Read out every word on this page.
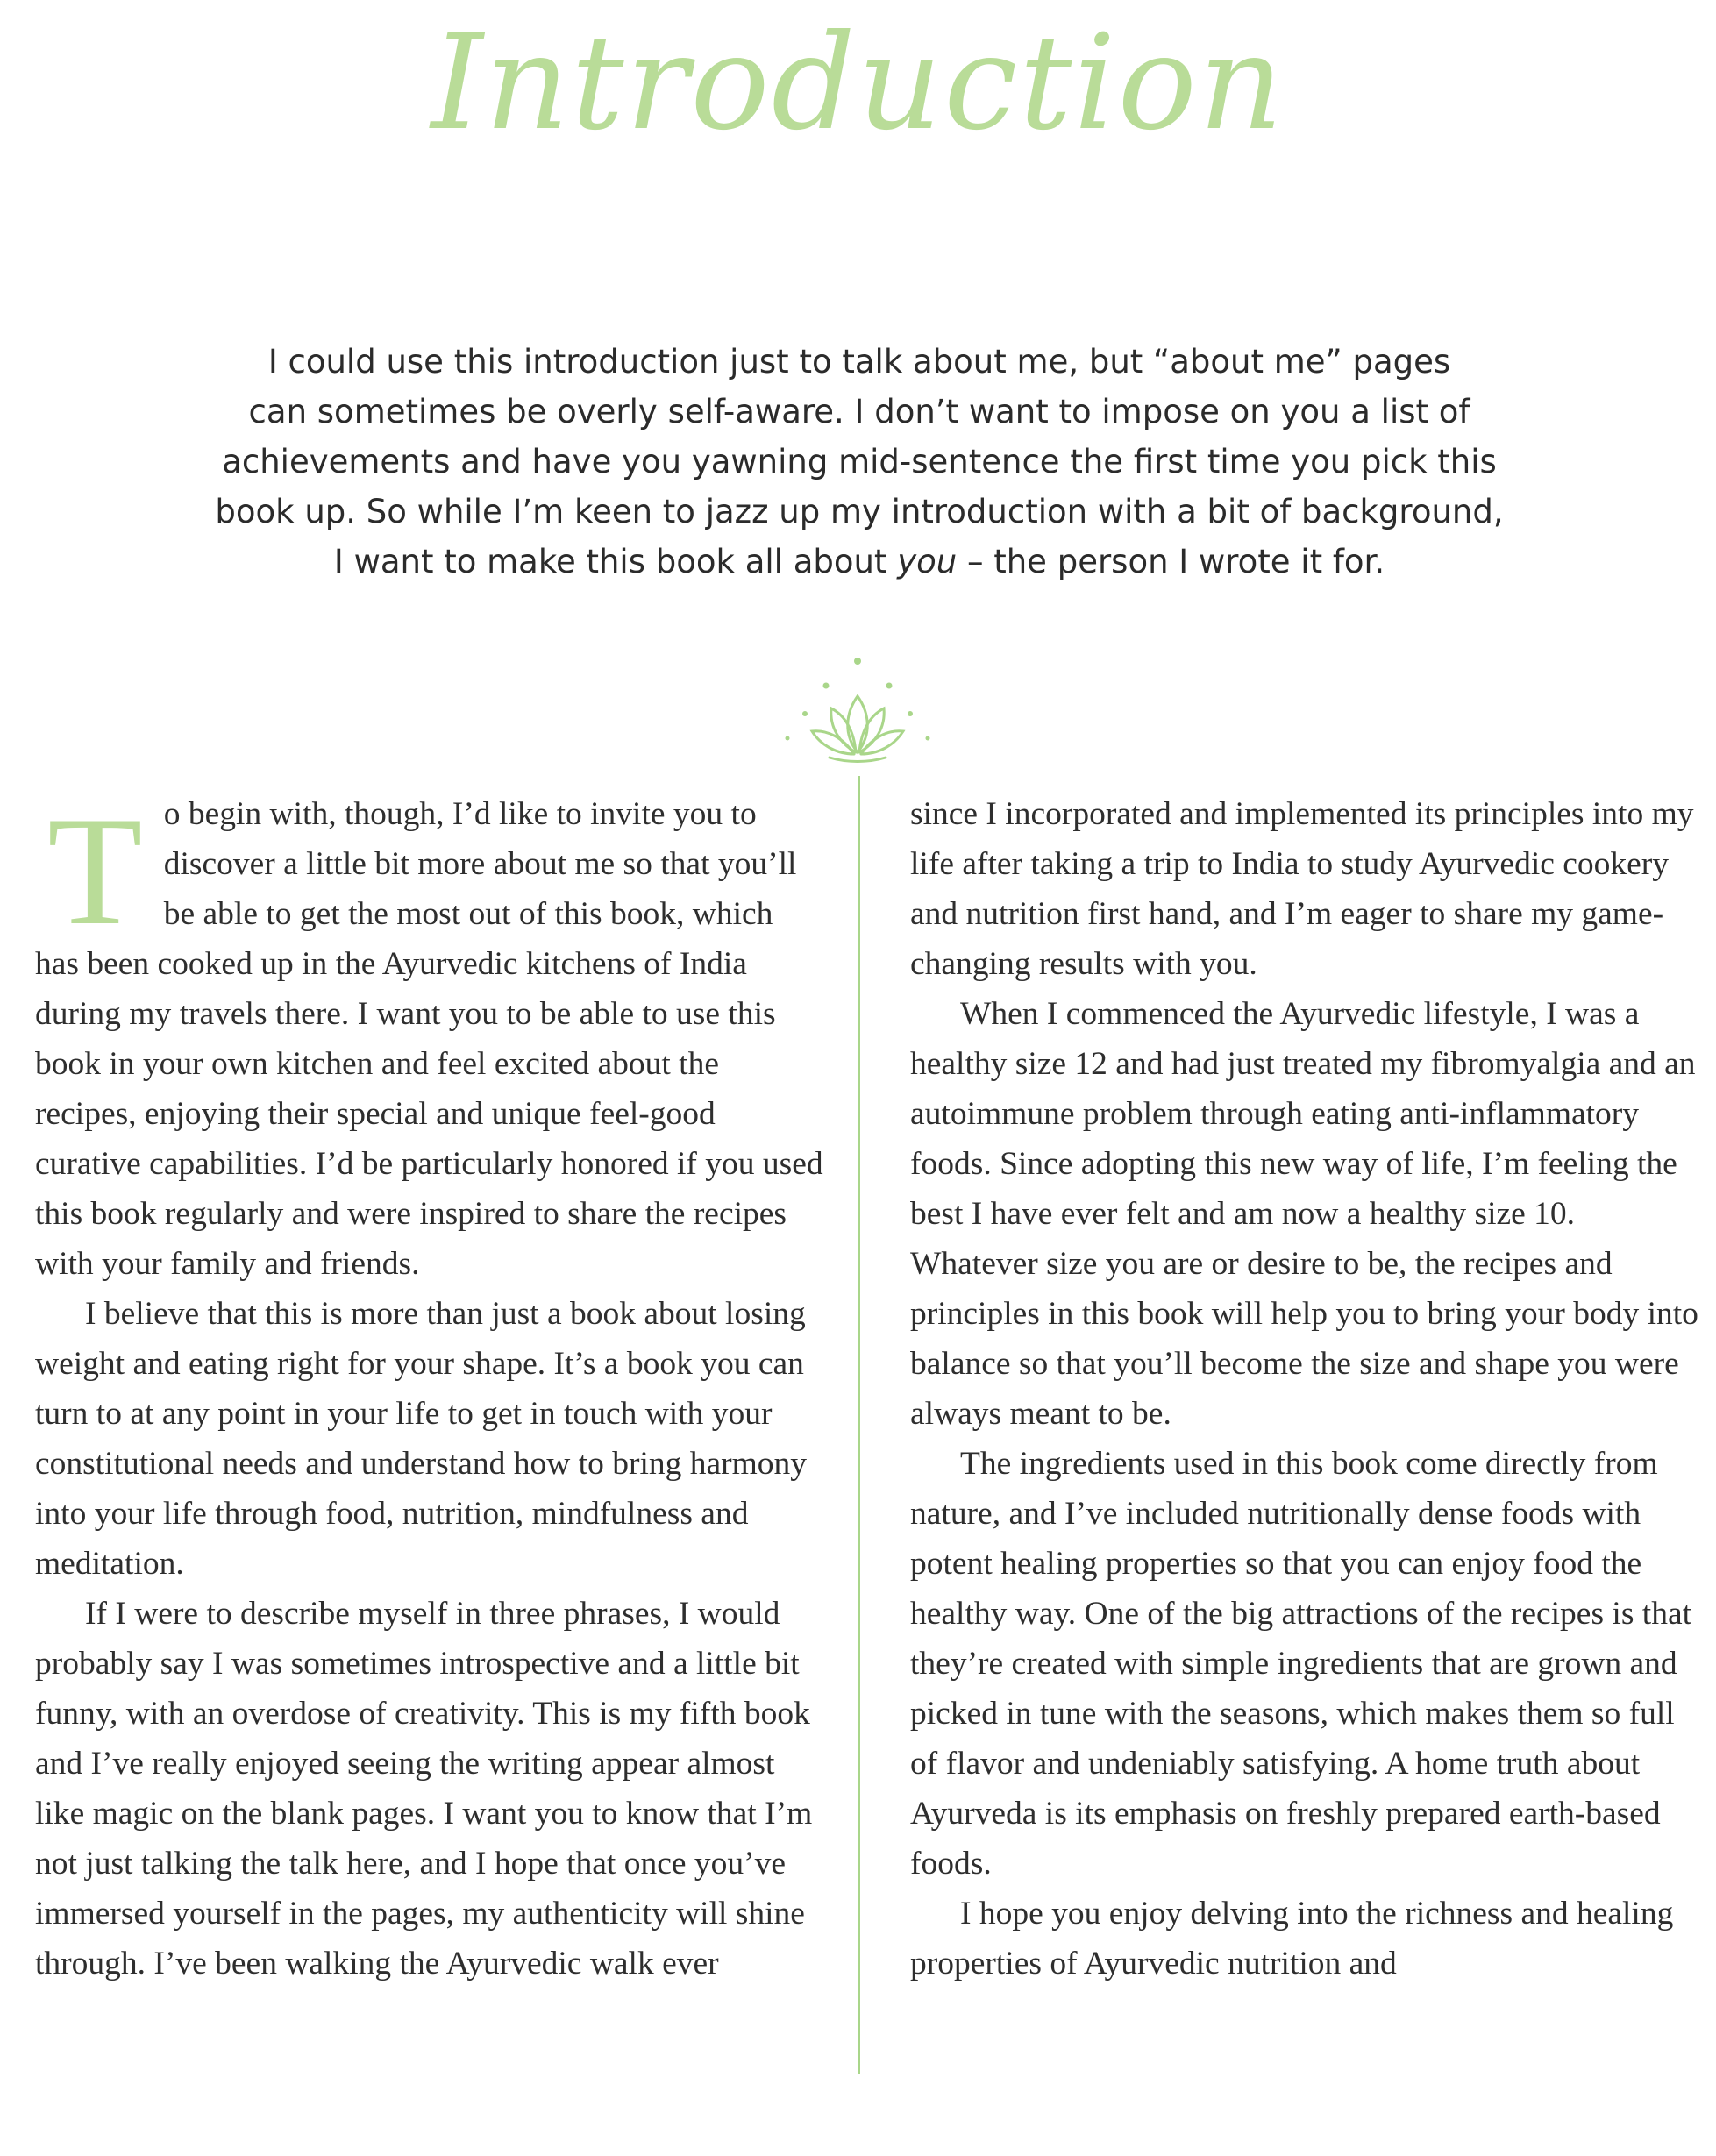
Introduction
I could use this introduction just to talk about me, but “about me” pages
can sometimes be overly self-aware. I don’t want to impose on you a list of
achievements and have you yawning mid-sentence the first time you pick this
book up. So while I’m keen to jazz up my introduction with a bit of background,
I want to make this book all about you – the person I wrote it for.

To begin with, though, I’d like to invite you to discover a little bit more about me so that you’ll be able to get the most out of this book, which has been cooked up in the Ayurvedic kitchens of India during my travels there. I want you to be able to use this book in your own kitchen and feel excited about the recipes, enjoying their special and unique feel-good curative capabilities. I’d be particularly honored if you used this book regularly and were inspired to share the recipes with your family and friends.

I believe that this is more than just a book about losing weight and eating right for your shape. It’s a book you can turn to at any point in your life to get in touch with your constitutional needs and understand how to bring harmony into your life through food, nutrition, mindfulness and meditation.

If I were to describe myself in three phrases, I would probably say I was sometimes introspective and a little bit funny, with an overdose of creativity. This is my fifth book and I’ve really enjoyed seeing the writing appear almost like magic on the blank pages. I want you to know that I’m not just talking the talk here, and I hope that once you’ve immersed yourself in the pages, my authenticity will shine through. I’ve been walking the Ayurvedic walk ever

since I incorporated and implemented its principles into my life after taking a trip to India to study Ayurvedic cookery and nutrition first hand, and I’m eager to share my game-changing results with you.

When I commenced the Ayurvedic lifestyle, I was a healthy size 12 and had just treated my fibromyalgia and an autoimmune problem through eating anti-inflammatory foods. Since adopting this new way of life, I’m feeling the best I have ever felt and am now a healthy size 10. Whatever size you are or desire to be, the recipes and principles in this book will help you to bring your body into balance so that you’ll become the size and shape you were always meant to be.

The ingredients used in this book come directly from nature, and I’ve included nutritionally dense foods with potent healing properties so that you can enjoy food the healthy way. One of the big attractions of the recipes is that they’re created with simple ingredients that are grown and picked in tune with the seasons, which makes them so full of flavor and undeniably satisfying. A home truth about Ayurveda is its emphasis on freshly prepared earth-based foods.

I hope you enjoy delving into the richness and healing properties of Ayurvedic nutrition and
